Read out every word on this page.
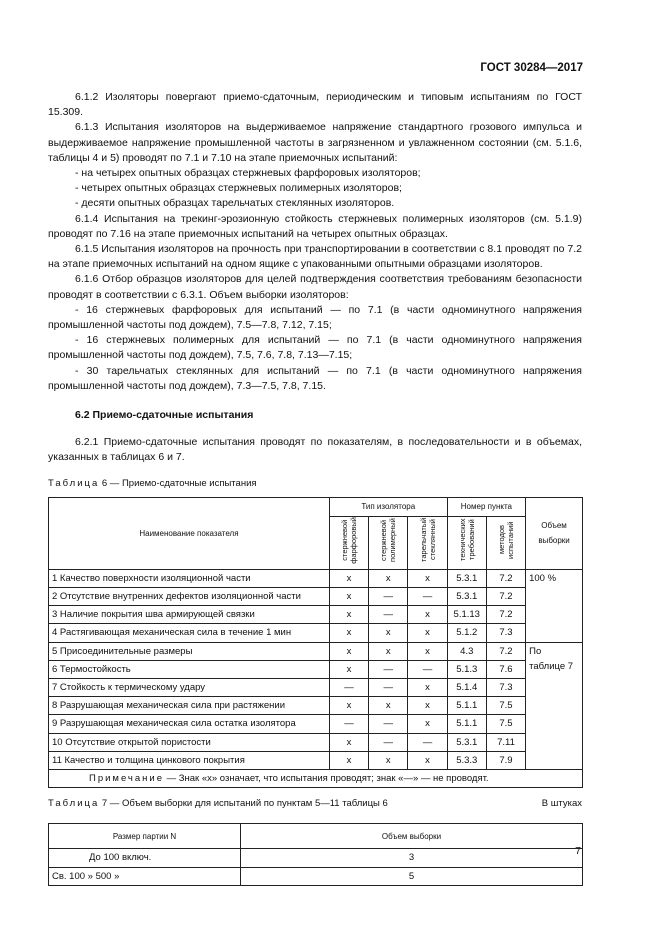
ГОСТ 30284—2017

6.1.2 Изоляторы повергают приемо-сдаточным, периодическим и типовым испытаниям по ГОСТ 15.309.

6.1.3 Испытания изоляторов на выдерживаемое напряжение стандартного грозового импульса и выдерживаемое напряжение промышленной частоты в загрязненном и увлажненном состоянии (см. 5.1.6, таблицы 4 и 5) проводят по 7.1 и 7.10 на этапе приемочных испытаний:

- на четырех опытных образцах стержневых фарфоровых изоляторов;

- четырех опытных образцах стержневых полимерных изоляторов;

- десяти опытных образцах тарельчатых стеклянных изоляторов.

6.1.4 Испытания на трекинг-эрозионную стойкость стержневых полимерных изоляторов (см. 5.1.9) проводят по 7.16 на этапе приемочных испытаний на четырех опытных образцах.

6.1.5 Испытания изоляторов на прочность при транспортировании в соответствии с 8.1 проводят по 7.2 на этапе приемочных испытаний на одном ящике с упакованными опытными образцами изоляторов.

6.1.6 Отбор образцов изоляторов для целей подтверждения соответствия требованиям безопасности проводят в соответствии с 6.3.1. Объем выборки изоляторов:

- 16 стержневых фарфоровых для испытаний — по 7.1 (в части одноминутного напряжения промышленной частоты под дождем), 7.5—7.8, 7.12, 7.15;

- 16 стержневых полимерных для испытаний — по 7.1 (в части одноминутного напряжения промышленной частоты под дождем), 7.5, 7.6, 7.8, 7.13—7.15;

- 30 тарельчатых стеклянных для испытаний — по 7.1 (в части одноминутного напряжения промышленной частоты под дождем), 7.3—7.5, 7.8, 7.15.

6.2 Приемо-сдаточные испытания

6.2.1 Приемо-сдаточные испытания проводят по показателям, в последовательности и в объемах, указанных в таблицах 6 и 7.

Таблица 6 — Приемо-сдаточные испытания
Наименование показателя	Тип изолятора			Номер пункта		Объем выборки
	стержневой фарфоровый	стержневой полимерный	тарельчатый стеклянный	технических требований	методов испытаний	
1 Качество поверхности изоляционной части	х	х	х	5.3.1	7.2	100 %
2 Отсутствие внутренних дефектов изоляционной части	х	—	—	5.3.1	7.2	
3 Наличие покрытия шва армирующей связки	х	—	х	5.1.13	7.2	
4 Растягивающая механическая сила в течение 1 мин	х	х	х	5.1.2	7.3	
5 Присоединительные размеры	х	х	х	4.3	7.2	По таблице 7
6 Термостойкость	х	—	—	5.1.3	7.6	
7 Стойкость к термическому удару	—	—	х	5.1.4	7.3	
8 Разрушающая механическая сила при растяжении	х	х	х	5.1.1	7.5	
9 Разрушающая механическая сила остатка изолятора	—	—	х	5.1.1	7.5	
10 Отсутствие открытой пористости	х	—	—	5.3.1	7.11	
11 Качество и толщина цинкового покрытия	х	х	х	5.3.3	7.9	
Примечание — Знак «х» означает, что испытания проводят; знак «—» — не проводят.						
Таблица 7 — Объем выборки для испытаний по пунктам 5—11 таблицы 6	В штуках
Размер партии N	Объем выборки
До 100 включ.	3
Св. 100 » 500 »	5
7
